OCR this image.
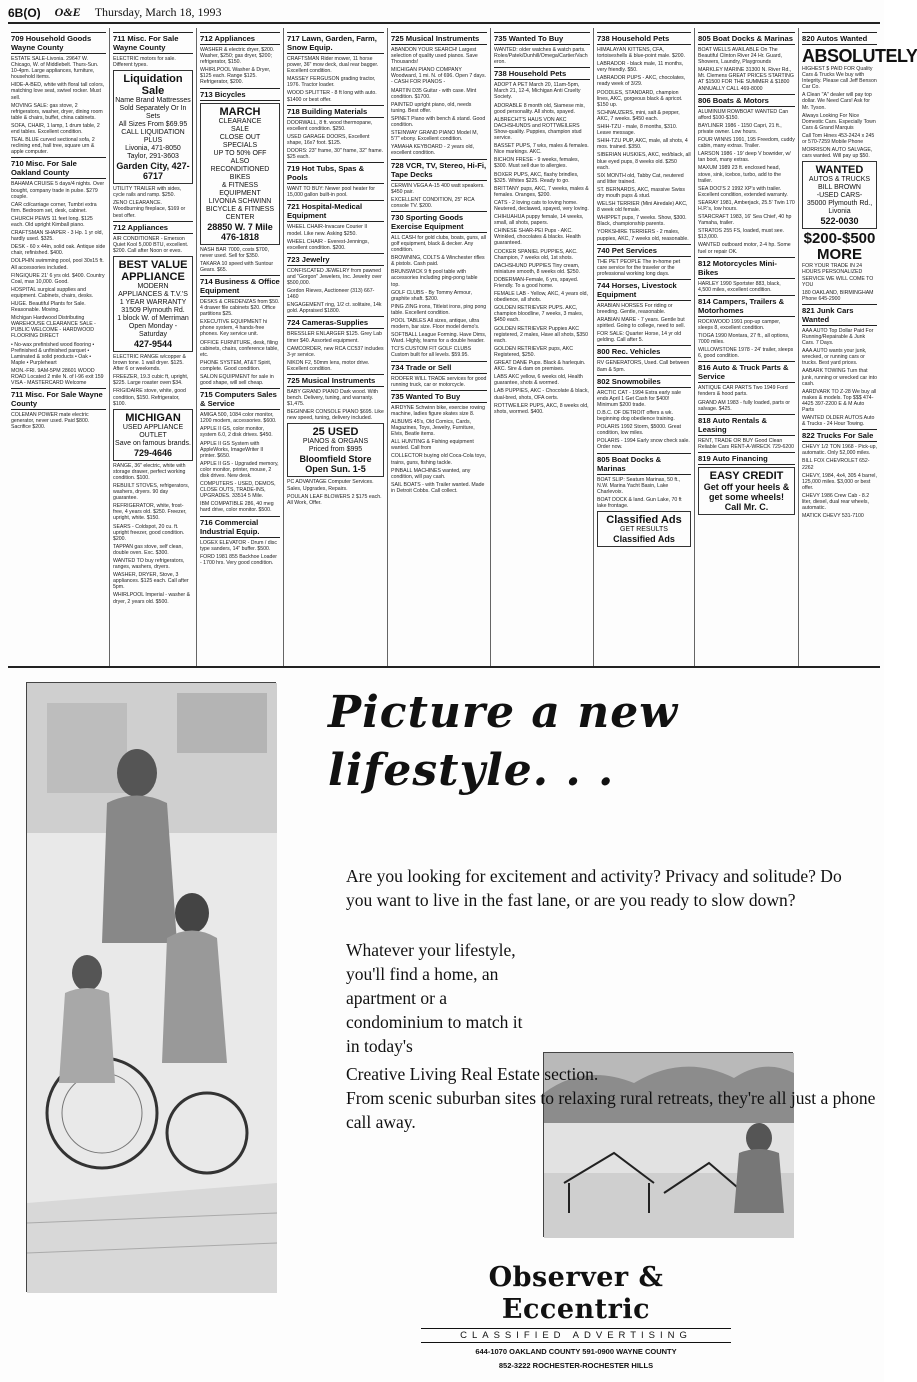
6B(O) O&E Thursday, March 18, 1993
709 Household Goods Wayne County
ESTATE SALE-Livonia. 29647 W. Chicago, W. of Middlebelt. Thurs-Sun. 10-4pm. Large appliances, furniture, household items.
HIDE-A-BED, white with floral tall colors, matching love seat, swivel rocker. Must sell.
MOVING SALE: gas stove, 2 refrigerators, washer, dryer, dining room table & chairs, buffet, china cabinets.
SOFA, CHAIR, 1 lamp, 1 drum table, 2 end tables. Excellent condition.
TEAL BLUE curved sectional sofa, 2 reclining end, hall tree, square urn & apple computer.
710 Misc. For Sale Oakland County
BAHAMA CRUISE 5 days/4 nights. Over bought, company trade in pulse. $279 couple.
CAR cd/carriage corner, Tumbri extra firm. Bedroom set, desk, cabinet.
CHURCH PEWS 11 feet long. $125 each. Old upright Kimball piano.
CRAFTSMAN SHAPER - 3 Hp. 1 yr old, hardly used. $325.
DESK - 60 x 44in, solid oak. Antique side chair, refinished. $400.
DOLPHIN swimming pool, pool 30x15 ft. All accessories included.
FINGIQURE 21' 6 yrs old. $400. Country Coal, max 10,000. Good.
HOSPITAL surgical supplies and equipment. Cabinets, chairs, desks.
HUGE. Beautiful Plants for Sale. Reasonable. Moving.
Michigan Hardwood Distributing WAREHOUSE CLEARANCE SALE - PUBLIC WELCOME - HARDWOOD FLOORING DIRECT
• No-wax prefinished wood flooring • Prefinished & unfinished parquet • Laminated & solid products • Oak • Maple • Purpleheart
MON.-FRI. 9AM-5PM 28601 WOOD ROAD Located 2 mile N. of I-96 exit 159 VISA - MASTERCARD Welcome
711 Misc. For Sale Wayne County
COLEMAN POWER mate electric generator, never used. Paid $800. Sacrifice $200.
711 Misc. For Sale Wayne County
ELECTRIC motors for sale. Different types.
Liquidation Sale
Name Brand Mattresses
Sold Separately Or In Sets
All Sizes From $69.95
CALL LIQUIDATION PLUS
Livonia, 471-8050
Taylor, 291-3603
Garden City, 427-6717
UTILITY TRAILER with sides, cycle rails and ramp. $250.
ZENO CLEARANCE. Woodburning fireplace, $169 or best offer.
712 Appliances
AIR CONDITIONER - Emerson Quiet Kool 5,000 BTU, excellent. $200. Call after Noon or eves.
BEST VALUE APPLIANCE
MODERN APPLIANCES & T.V.'S
1 YEAR WARRANTY
31509 Plymouth Rd.
1 block W. of Merriman
Open Monday - Saturday
427-9544
ELECTRIC RANGE w/copper & brown tone. 1 wall dryer. $125. After 6 or weekends.
FREEZER, 19.3 cubic ft, upright, $225. Large roaster oven $34.
FRIGIDAIRE stove, white, good condition, $150. Refrigerator, $100.
MICHIGAN
USED APPLIANCE
OUTLET
Save on famous brands.
729-4646
RANGE, 36" electric, white with storage drawer, perfect working condition. $100.
REBUILT STOVES, refrigerators, washers, dryers. 90 day guarantee.
REFRIGERATOR, white, frost-free, 4 years old. $250. Freezer, upright, white. $150.
SEARS - Coldspot, 20 cu. ft. upright freezer, good condition. $200.
TAPPAN gas stove, self clean, double oven. Exc. $300.
WANTED TO buy refrigerators, ranges, washers, dryers.
WASHER, DRYER, Stove, 3 appliances. $125 each. Call after 5pm.
WHIRLPOOL Imperial - washer & dryer, 2 years old. $500.
712 Appliances
WASHER & electric dryer, $200. Washer, $250; gas dryer, $200; refrigerator, $150.
WHIRLPOOL Washer & Dryer, $125 each. Range $125. Refrigerator, $200.
713 Bicycles
MARCH
CLEARANCE
SALE
CLOSE OUT SPECIALS
UP TO 50% OFF
ALSO RECONDITIONED BIKES
& FITNESS EQUIPMENT
LIVONIA SCHWINN
BICYCLE & FITNESS CENTER
28850 W. 7 Mile 476-1818
NASH BAR 7000, costs $700, never used. Sell for $350.
TAKARA 10 speed with Suntour Gears. $65.
714 Business & Office Equipment
DESKS & CREDENZAS from $50. 4 drawer file cabinets $20. Office partitions $25.
EXECUTIVE EQUIPMENT hi phone system, 4 hands-free phones. Key service unit.
OFFICE FURNITURE, desk, filing cabinets, chairs, conference table, etc.
PHONE SYSTEM, AT&T Spirit, complete. Good condition.
SALON EQUIPMENT for sale in good shape, will sell cheap.
715 Computers Sales & Service
AMIGA 500, 1084 color monitor, 1200 modem, accessories. $600.
APPLE II GS, color monitor, system 6.0, 2 disk drives. $450.
APPLE II GS System with AppleWorks, ImageWriter II printer. $650.
APPLE II GS - Upgraded memory, color monitor, printer, mouse, 2 disk drives. New desk.
COMPUTERS - USED, DEMOS, CLOSE OUTS, TRADE-INS, UPGRADES. 33514 5 Mile.
IBM COMPATIBLE 286, 40 meg hard drive, color monitor. $500.
716 Commercial Industrial Equip.
LOGEX ELEVATOR - Drum / disc type sanders, 14" buffer. $500.
FORD 1981 855 Backhoe Loader - 1700 hrs. Very good condition.
717 Lawn, Garden, Farm, Snow Equip.
CRAFTSMAN Rider mower, 11 horse power, 36" mow deck, dual rear bagger. Excellent condition.
MASSEY FERGUSON grading tractor, 1976. Tractor loader.
WOOD SPLITTER - 8 ft long with auto. $1400 or best offer.
718 Building Materials
DOORWALL, 8 ft. wood thermopane, excellent condition. $250.
USED GARAGE DOORS, Excellent shape, 16x7 foot. $125.
DOORS: 23" frame, 30" frame, 32" frame. $25 each.
719 Hot Tubs, Spas & Pools
WANT TO BUY: Newer pool heater for 15,000 gallon built-in pool.
721 Hospital-Medical Equipment
WHEEL CHAIR-Invacare Courier II model. Like new. Asking $250.
WHEEL CHAIR - Everest-Jennings, excellent condition. $200.
723 Jewelry
CONFISCATED JEWELRY from pawned and "Gorgon" Jewelers, Inc. Jewelry over $500,000.
Gordon Rieves, Auctioneer (313) 667-1460
ENGAGEMENT ring, 1/2 ct. solitaire, 14k gold. Appraised $1800.
724 Cameras-Supplies
BRESSLER ENLARGER $125. Grey Lab timer $40. Assorted equipment.
CAMCORDER, new RCA CC537 includes 3-yr service.
NIKON F2, 50mm lens, motor drive. Excellent condition.
725 Musical Instruments
BABY GRAND PIANO Dark wood. With bench. Delivery, tuning, and warranty. $1,475.
BEGINNER CONSOLE PIANO $695. Like new speed, tuning, delivery included.
25 USED
PIANOS & ORGANS
Priced from $995
Bloomfield Store Open Sun. 1-5
PC ADVANTAGE Computer Services. Sales, Upgrades, Repairs.
POULAN LEAF BLOWERS 2 $175 each. All Work, Offer.
725 Musical Instruments
ABANDON YOUR SEARCH! Largest selection of quality used pianos. Save Thousands!
MICHIGAN PIANO COMPANY Woodward, 1 mi. N. of 696. Open 7 days. - CASH FOR PIANOS -
MARTIN D35 Guitar - with case. Mint condition. $1700.
PAINTED upright piano, old, needs tuning. Best offer.
SPINET Piano with bench & stand. Good condition.
STEINWAY GRAND PIANO Model M, 5'7" ebony. Excellent condition.
YAMAHA KEYBOARD - 2 years old, excellent condition.
728 VCR, TV, Stereo, Hi-Fi, Tape Decks
CERWIN VEGA A-15 400 watt speakers. $450 pair.
EXCELLENT CONDITION, 25" RCA console TV. $200.
730 Sporting Goods Exercise Equipment
ALL CASH for gold clubs, boats, guns, all golf equipment, black & decker. Any condition.
BROWNING, COLTS & Winchester rifles & pistols. Cash paid.
BRUNSWICK 9 ft pool table with accessories including ping-pong table top.
GOLF CLUBS - By Tommy Armour, graphite shaft. $200.
PING ZING irons, Titleist irons, ping pong table. Excellent condition.
POOL TABLES All sizes, antique, ultra modern, bar size. Floor model demo's.
SOFTBALL League Forming. Have Dims, Ward. Highly, teams for a double header.
TCI'S CUSTOM FIT GOLF CLUBS Custom built for all levels. $59.95.
734 Trade or Sell
ROOFER WILL TRADE services for good running truck, car or motorcycle.
735 Wanted To Buy
AIRDYNE Schwinn bike, exercise rowing machine, ladies figure skates size 8.
ALBUMS 45's, Old Comics, Cards, Magazines, Toys, Jewelry, Furniture, Elvis, Beatle items.
ALL HUNTING & Fishing equipment wanted. Call from
COLLECTOR buying old Coca-Cola toys, trains, guns, fishing tackle.
PINBALL MACHINES wanted, any condition, will pay cash.
SAIL BOATS - with Trailer wanted. Made in Detroit Cobbs. Call collect.
735 Wanted To Buy
WANTED: older watches & watch parts. Rolex/Patek/Dunhill/Omega/Cartier/Vacheron.
738 Household Pets
ADOPT A PET March 20, 11am-5pm, March 21, 12-4, Michigan Anti Cruelty Society.
ADORABLE 8 month old, Siamese mix, good personality. All shots, spayed.
ALBRECHT'S HAUS VON AKC DACHSHUNDS and ROTTWEILERS Show-quality. Puppies, champion stud service.
BASSET PUPS, 7 wks, males & females. Nice markings. AKC.
BICHON FRESE - 9 weeks, females, $300. Must sell due to allergies.
BOXER PUPS, AKC, flashy brindles, $325. Whites $225. Ready to go.
BRITTANY pups, AKC, 7 weeks, males & females. Oranges, $200.
CATS - 2 loving cats to loving home. Neutered, declawed, spayed, very loving.
CHIHUAHUA puppy female, 14 weeks, small, all shots, papers.
CHINESE SHAR-PEI Pups - AKC. Wrinkled, chocolates & blacks. Health guaranteed.
COCKER SPANIEL PUPPIES, AKC. Champion, 7 weeks old, 1st shots.
DACHSHUND PUPPIES Tiny cream, miniature smooth, 8 weeks old. $250.
DOBERMAN-Female, 6 yrs, spayed. Friendly. To a good home.
FEMALE LAB - Yellow, AKC, 4 years old, obedience, all shots.
GOLDEN RETRIEVER PUPS. AKC, champion bloodline, 7 weeks, 3 males, $450 each.
GOLDEN RETRIEVER Puppies AKC registered, 2 males, Have all shots, $350 each.
GOLDEN RETRIEVER pups, AKC Registered, $250.
GREAT DANE Pups. Black & harlequin. AKC. Sire & dam on premises.
LABS AKC yellow, 6 weeks old, Health guarantee, shots & wormed.
LAB PUPPIES, AKC - Chocolate & black, dual-bred, shots, OFA certs.
ROTTWEILER PUPS, AKC, 8 weeks old, shots, wormed. $400.
738 Household Pets
HIMALAYAN KITTENS, CFA, tortoiseshells & blue-point male. $200.
LABRADOR - black male, 11 months, very friendly. $50.
LABRADOR PUPS - AKC, chocolates, ready week of 3/29.
POODLES, STANDARD, champion lines, AKC, gorgeous black & apricot. $150 up.
SCHNAUZERS, mini, salt & pepper, AKC, 7 weeks. $450 each.
SHIH-TZU - male, 8 months, $310. Leave message.
SHIH-TZU PUP, AKC, male, all shots, 4 mos. trained. $350.
SIBERIAN HUSKIES, AKC, red/black, all blue eyed pups, 8 weeks old. $250 each.
SIX MONTH old, Tabby Cat, neutered and litter trained.
ST. BERNARDS, AKC, massive Swiss dry mouth pups & stud.
WELSH TERRIER (Mini Airedale) AKC, 8 week old female.
WHIPPET pups, 7 weeks. Show, $300. Black, championship parents.
YORKSHIRE TERRIERS - 2 males, puppies, AKC, 7 weeks old, reasonable.
740 Pet Services
THE PET PEOPLE The in-home pet care service for the traveler or the professional working long days.
744 Horses, Livestock Equipment
ARABIAN HORSES For riding or breeding. Gentle, reasonable.
ARABIAN MARE - 7 years. Gentle but spirited. Going to college, need to sell.
FOR SALE: Quarter Horse, 14 yr old gelding. Call after 5.
800 Rec. Vehicles
RV GENERATORS, Used. Call between 8am & 5pm.
802 Snowmobiles
ARCTIC CAT - 1994 Extra early sale ends April 1 Get Cash for $400! Minimum $200 trade.
D.B.C. OF DETROIT offers a wk. beginning dog obedience training.
POLARIS 1992 Storm, $5000. Great condition, low miles.
POLARIS - 1994 Early snow check sale. Order now.
805 Boat Docks & Marinas
BOAT SLIP: Seaturn Marinas, 50 ft., N.W. Marina Yacht Basin, Lake Charlevoix.
BOAT DOCK & land. Gun Lake, 70 ft lake frontage.
Classified Ads
GET RESULTS
Classified Ads
805 Boat Docks & Marinas
BOAT WELLS AVAILABLE On The Beautiful Clinton River 24 Hr. Guard, Showers, Laundry, Playgrounds
MARKLEY MARINE 31300 N. River Rd., Mt. Clemens GREAT PRICES STARTING AT $1500 FOR THE SUMMER & $1800 ANNUALLY CALL 469-8000
806 Boats & Motors
ALUMINUM ROWBOAT WANTED Can afford $100-$150.
BAYLINER 1986 - 1150 Capri, 21 ft., private owner. Low hours.
FOUR WINNS 1991, 195 Freedom, cuddy cabin, many extras. Trailer.
LARSON 1986 - 19' deep V bowrider, w/ tan boot, many extras.
MAXUM 1989 23 ft. enclosed head, stove, sink, icebox, turbo, add to the trailer.
SEA DOO'S 2 1992 XP's with trailer. Excellent condition, extended warranty.
SEARAY 1981, Amberjack, 25.5' Twin 170 H.P.'s, low hours.
STARCRAFT 1983, 16' Sea Chief, 40 hp Yamaha, trailer.
STRATOS 255 FS, loaded, must see. $13,000.
WANTED outboard motor, 2-4 hp. Some fuel or repair OK.
812 Motorcycles Mini-Bikes
HARLEY 1990 Sportster 883, black, 4,500 miles, excellent condition.
814 Campers, Trailers & Motorhomes
ROCKWOOD 1991 pop-up camper, sleeps 8, excellent condition.
TIOGA 1990 Montara, 27 ft., all options, 7000 miles.
WILLOWSTONE 1978 - 24' trailer, sleeps 6, good condition.
816 Auto & Truck Parts & Service
ANTIQUE CAR PARTS Two 1949 Ford fenders & hood parts.
GRAND AM 1983 - fully loaded, parts or salvage. $425.
818 Auto Rentals & Leasing
RENT, TRADE OR BUY Good Clean Reliable Cars RENT-A-WRECK 729-6200
819 Auto Financing
EASY CREDIT
Get off your heels & get some wheels! Call Mr. C.
820 Autos Wanted
ABSOLUTELY
HIGHEST $ PAID FOR Quality Cars & Trucks We buy with Integrity. Please call Jeff Benson Car Co.
A Clean "A" dealer will pay top dollar. We Need Cars! Ask for Mr. Tyson.
Always Looking For Nice Domestic Cars. Especially Town Cars & Grand Marquis
Call Tom Hines 453-2424 x 245 or 570-7259 Mobile Phone
MORRISON AUTO SALVAGE, cars wanted. Will pay up $50.
WANTED
AUTOS & TRUCKS
BILL BROWN
-USED CARS-
35000 Plymouth Rd., Livonia
522-0030
$200-$500 MORE
FOR YOUR TRADE IN 24 HOURS PERSONALIZED SERVICE WE WILL COME TO YOU
180 OAKLAND, BIRMINGHAM Phone 645-2900
821 Junk Cars Wanted
AAA AUTO Top Dollar Paid For Running/Repairable & Junk Cars. 7 Days.
AAA AUTO wants your junk, wrecked, or running cars or trucks. Best yard prices.
AABARK TOWING Turn that junk, running or wrecked car into cash.
AARDVARK TO Z-28 We buy all makes & models. Top $$$ 474-4425 397-2200 E & M Auto Parts
WANTED OLDER AUTOS Auto & Trucks - 24 Hour Towing.
822 Trucks For Sale
CHEVY 1/2 TON 1968 - Pick-up, automatic. Only 52,000 miles.
BILL FOX CHEVROLET 652-2262
CHEVY, 1984, 4x4, 305 4 barrel, 125,000 miles. $3,000 or best offer.
CHEVY 1986 Crew Cab - 8.2 liter, diesel, dual rear wheels, automatic.
MATICK CHEVY 531-7100
Picture a new
lifestyle. . .

Are you looking for excitement and activity? Privacy and solitude? Do you want to live in the fast lane, or are you ready to slow down?

Whatever your lifestyle, you'll find a home, an apartment or a condominium to match it in today's

Creative Living Real Estate section.

From scenic suburban sites to relaxing rural retreats, they're all just a phone call away.

Observer & Eccentric
CLASSIFIED ADVERTISING
644-1070 OAKLAND COUNTY 591-0900 WAYNE COUNTY
852-3222 ROCHESTER-ROCHESTER HILLS
